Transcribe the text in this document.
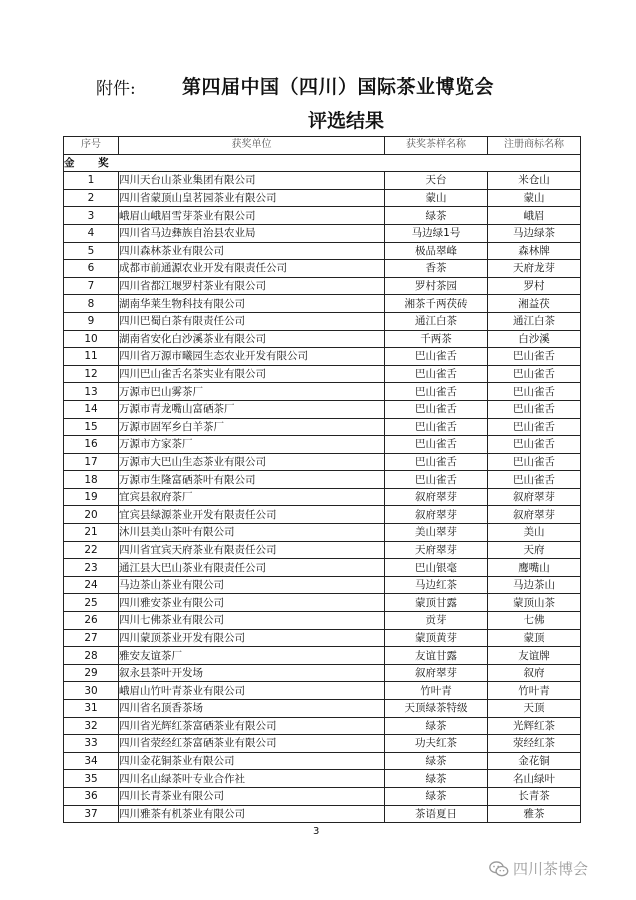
附件: 第四届中国（四川）国际茶业博览会
评选结果
序号	获奖单位	获奖茶样名称	注册商标名称
金 奖			
1	四川天台山茶业集团有限公司	天台	米仓山
2	四川省蒙顶山皇茗园茶业有限公司	蒙山	蒙山
3	峨眉山峨眉雪芽茶业有限公司	绿茶	峨眉
4	四川省马边彝族自治县农业局	马边绿1号	马边绿茶
5	四川森林茶业有限公司	极品翠峰	森林牌
6	成都市前通源农业开发有限责任公司	香茶	天府龙芽
7	四川省都江堰罗村茶业有限公司	罗村茶园	罗村
8	湖南华莱生物科技有限公司	湘茶千两茯砖	湘益茯
9	四川巴蜀白茶有限责任公司	通江白茶	通江白茶
10	湖南省安化白沙溪茶业有限公司	千两茶	白沙溪
11	四川省万源市曦园生态农业开发有限公司	巴山雀舌	巴山雀舌
12	四川巴山雀舌名茶实业有限公司	巴山雀舌	巴山雀舌
13	万源市巴山雾茶厂	巴山雀舌	巴山雀舌
14	万源市青龙嘴山富硒茶厂	巴山雀舌	巴山雀舌
15	万源市固军乡白羊茶厂	巴山雀舌	巴山雀舌
16	万源市方家茶厂	巴山雀舌	巴山雀舌
17	万源市大巴山生态茶业有限公司	巴山雀舌	巴山雀舌
18	万源市生隆富硒茶叶有限公司	巴山雀舌	巴山雀舌
19	宜宾县叙府茶厂	叙府翠芽	叙府翠芽
20	宜宾县绿源茶业开发有限责任公司	叙府翠芽	叙府翠芽
21	沐川县美山茶叶有限公司	美山翠芽	美山
22	四川省宜宾天府茶业有限责任公司	天府翠芽	天府
23	通江县大巴山茶业有限责任公司	巴山银毫	鹰嘴山
24	马边茶山茶业有限公司	马边红茶	马边茶山
25	四川雅安茶业有限公司	蒙顶甘露	蒙顶山茶
26	四川七佛茶业有限公司	贡芽	七佛
27	四川蒙顶茶业开发有限公司	蒙顶黄芽	蒙顶
28	雅安友谊茶厂	友谊甘露	友谊牌
29	叙永县茶叶开发场	叙府翠芽	叙府
30	峨眉山竹叶青茶业有限公司	竹叶青	竹叶青
31	四川省名顶香茶场	天顶绿茶特级	天顶
32	四川省光辉红茶富硒茶业有限公司	绿茶	光辉红茶
33	四川省荥经红茶富硒茶业有限公司	功夫红茶	荥经红茶
34	四川金花铜茶业有限公司	绿茶	金花铜
35	四川名山绿茶叶专业合作社	绿茶	名山绿叶
36	四川长青茶业有限公司	绿茶	长青茶
37	四川雅茶有机茶业有限公司	茶语夏日	雅茶
3
四川茶博会
